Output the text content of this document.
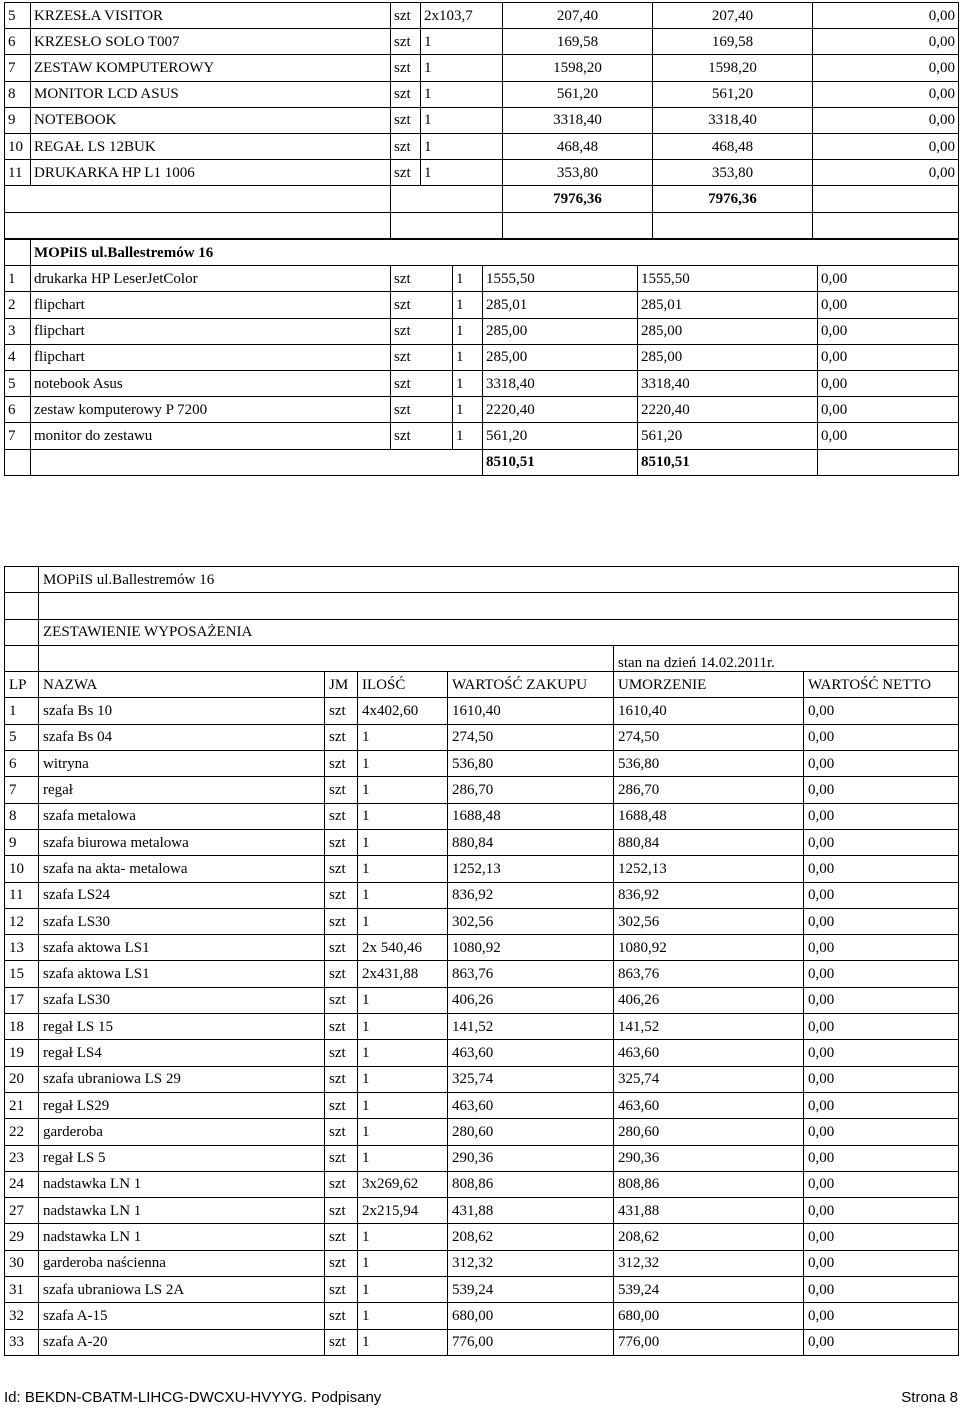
5	KRZESŁA VISITOR	szt	2x103,7	207,40	207,40	0,00
6	KRZESŁO SOLO T007	szt	1	169,58	169,58	0,00
7	ZESTAW KOMPUTEROWY	szt	1	1598,20	1598,20	0,00
8	MONITOR LCD ASUS	szt	1	561,20	561,20	0,00
9	NOTEBOOK	szt	1	3318,40	3318,40	0,00
10	REGAŁ LS 12BUK	szt	1	468,48	468,48	0,00
11	DRUKARKA HP L1 1006	szt	1	353,80	353,80	0,00
				7976,36	7976,36	

	MOPiIS ul.Ballestremów 16					
1	drukarka HP LeserJetColor	szt	1	1555,50	1555,50	0,00
2	flipchart	szt	1	285,01	285,01	0,00
3	flipchart	szt	1	285,00	285,00	0,00
4	flipchart	szt	1	285,00	285,00	0,00
5	notebook Asus	szt	1	3318,40	3318,40	0,00
6	zestaw komputerowy P 7200	szt	1	2220,40	2220,40	0,00
7	monitor do zestawu	szt	1	561,20	561,20	0,00
				8510,51	8510,51	
	MOPiIS ul.Ballestremów 16					

	ZESTAWIENIE WYPOSAŻENIA					
					stan na dzień 14.02.2011r.	
LP	NAZWA	JM	ILOŚĆ	WARTOŚĆ ZAKUPU	UMORZENIE	WARTOŚĆ NETTO
1	szafa Bs 10	szt	4x402,60	1610,40	1610,40	0,00
5	szafa Bs 04	szt	1	274,50	274,50	0,00
6	witryna	szt	1	536,80	536,80	0,00
7	regał	szt	1	286,70	286,70	0,00
8	szafa metalowa	szt	1	1688,48	1688,48	0,00
9	szafa biurowa metalowa	szt	1	880,84	880,84	0,00
10	szafa na akta- metalowa	szt	1	1252,13	1252,13	0,00
11	szafa LS24	szt	1	836,92	836,92	0,00
12	szafa LS30	szt	1	302,56	302,56	0,00
13	szafa aktowa LS1	szt	2x 540,46	1080,92	1080,92	0,00
15	szafa aktowa LS1	szt	2x431,88	863,76	863,76	0,00
17	szafa LS30	szt	1	406,26	406,26	0,00
18	regał LS 15	szt	1	141,52	141,52	0,00
19	regał LS4	szt	1	463,60	463,60	0,00
20	szafa ubraniowa LS 29	szt	1	325,74	325,74	0,00
21	regał LS29	szt	1	463,60	463,60	0,00
22	garderoba	szt	1	280,60	280,60	0,00
23	regał LS 5	szt	1	290,36	290,36	0,00
24	nadstawka LN 1	szt	3x269,62	808,86	808,86	0,00
27	nadstawka LN 1	szt	2x215,94	431,88	431,88	0,00
29	nadstawka LN 1	szt	1	208,62	208,62	0,00
30	garderoba naścienna	szt	1	312,32	312,32	0,00
31	szafa ubraniowa LS 2A	szt	1	539,24	539,24	0,00
32	szafa A-15	szt	1	680,00	680,00	0,00
33	szafa A-20	szt	1	776,00	776,00	0,00
Id: BEKDN-CBATM-LIHCG-DWCXU-HVYYG. Podpisany	Strona 8
